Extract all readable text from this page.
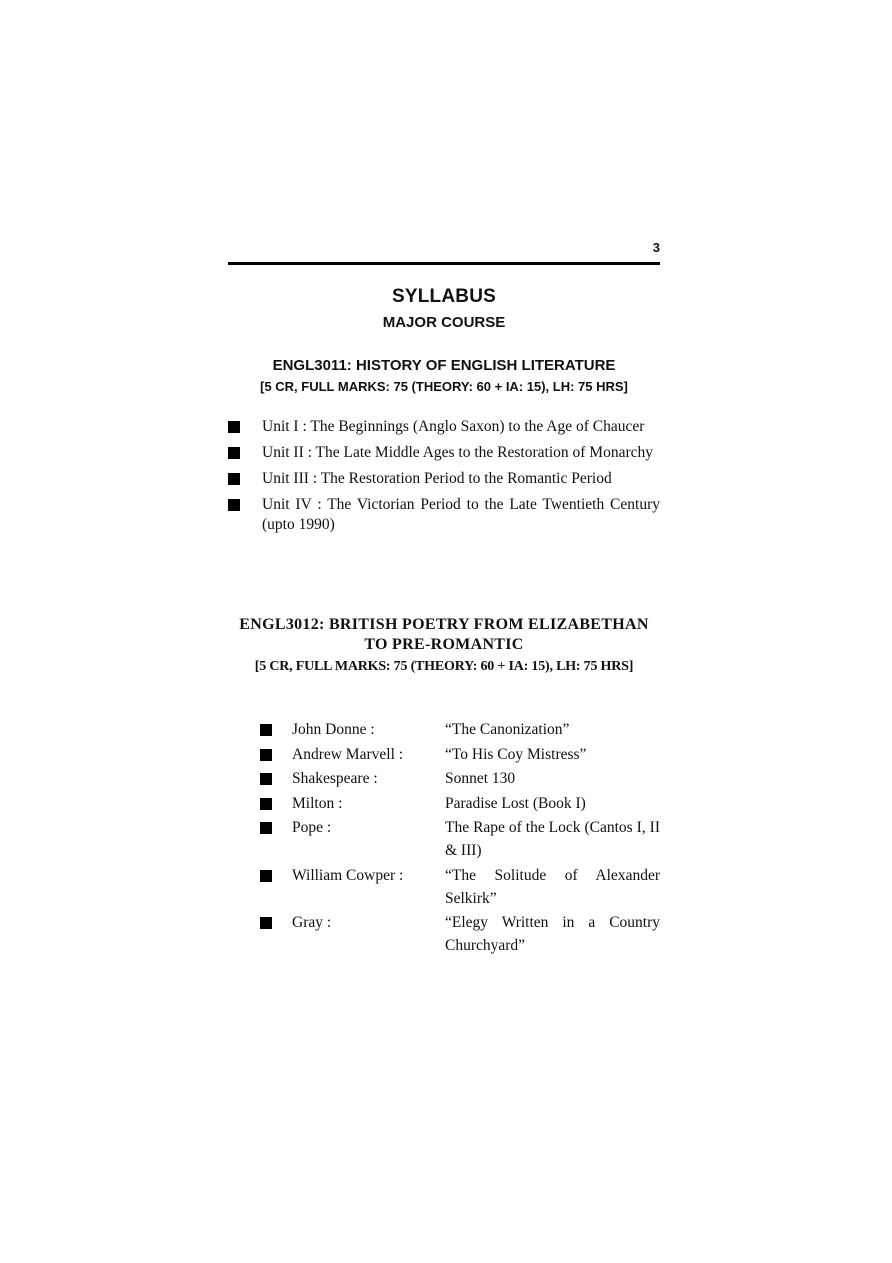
3
SYLLABUS
MAJOR COURSE
ENGL3011: HISTORY OF ENGLISH LITERATURE
[5 CR, FULL MARKS: 75 (THEORY: 60 + IA: 15), LH: 75 HRS]
Unit I : The Beginnings (Anglo Saxon) to the Age of Chaucer
Unit II : The Late Middle Ages to the Restoration of Monarchy
Unit III : The Restoration Period to the Romantic Period
Unit IV : The Victorian Period to the Late Twentieth Century (upto 1990)
ENGL3012: BRITISH POETRY FROM ELIZABETHAN
TO PRE-ROMANTIC
[5 CR, FULL MARKS: 75 (THEORY: 60 + IA: 15), LH: 75 HRS]
John Donne :	“The Canonization”
Andrew Marvell :	“To His Coy Mistress”
Shakespeare :	Sonnet 130
Milton :	Paradise Lost (Book I)
Pope :	The Rape of the Lock (Cantos I, II & III)
William Cowper :	“The Solitude of Alexander Selkirk”
Gray :	“Elegy Written in a Country Churchyard”
